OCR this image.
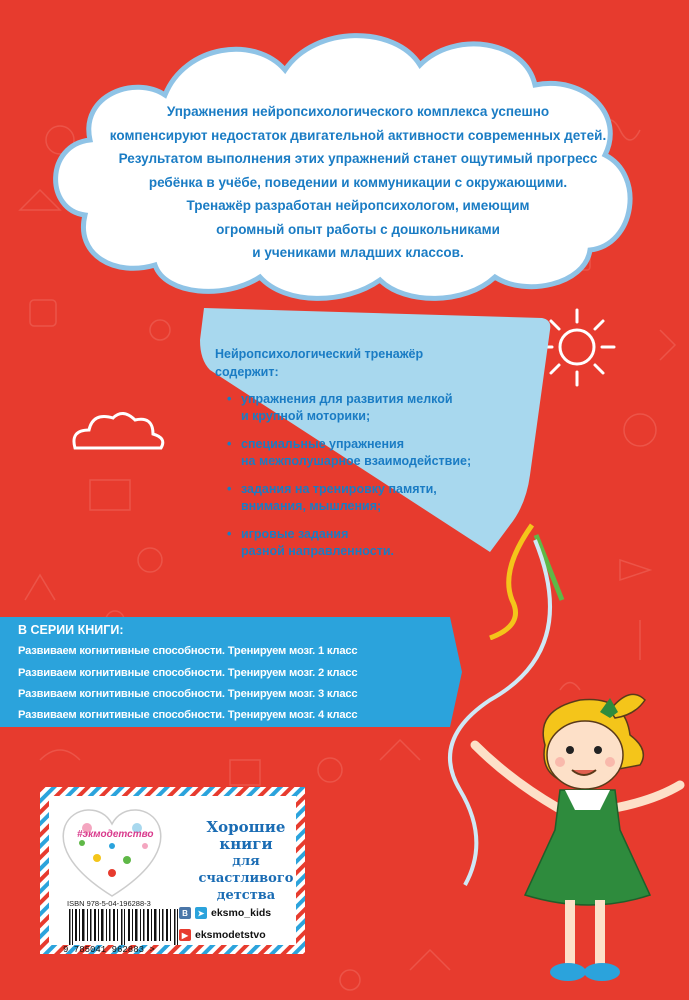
Упражнения нейропсихологического комплекса успешно

компенсируют недостаток двигательной активности современных детей.

Результатом выполнения этих упражнений станет ощутимый прогресс

ребёнка в учёбе, поведении и коммуникации с окружающими.

Тренажёр разработан нейропсихологом, имеющим

огромный опыт работы с дошкольниками

и учениками младших классов.

Нейропсихологический тренажёр
содержит:
• упражнения для развития мелкой
и крупной моторики;
• специальные упражнения
на межполушарное взаимодействие;
• задания на тренировку памяти,
внимания, мышления;
• игровые задания
разной направленности.
В СЕРИИ КНИГИ:
Развиваем когнитивные способности. Тренируем мозг. 1 класс
Развиваем когнитивные способности. Тренируем мозг. 2 класс
Развиваем когнитивные способности. Тренируем мозг. 3 класс
Развиваем когнитивные способности. Тренируем мозг. 4 класс
#экмодетство	Хорошие
книги
для счастливого
детства
ISBN 978-5-04-196288-3
9 785041 962883 >
В	➤ eksmo_kids
▶ eksmodetstvo
